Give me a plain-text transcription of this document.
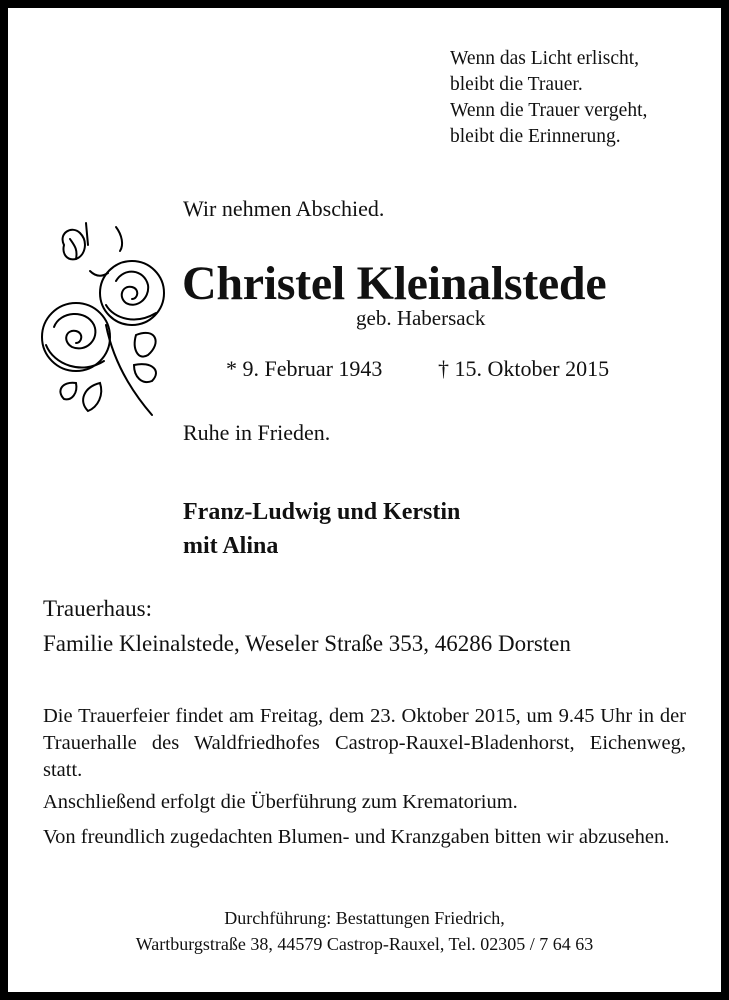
Wenn das Licht erlischt,
bleibt die Trauer.
Wenn die Trauer vergeht,
bleibt die Erinnerung.
Wir nehmen Abschied.
Christel Kleinalstede
geb. Habersack
* 9. Februar 1943	† 15. Oktober 2015
Ruhe in Frieden.
Franz-Ludwig und Kerstin
mit Alina
Trauerhaus:
Familie Kleinalstede, Weseler Straße 353, 46286 Dorsten
Die Trauerfeier findet am Freitag, dem 23. Oktober 2015, um 9.45 Uhr in der Trauerhalle des Waldfriedhofes Castrop-Rauxel-Bladenhorst, Eichenweg, statt.
Anschließend erfolgt die Überführung zum Krematorium.
Von freundlich zugedachten Blumen- und Kranzgaben bitten wir abzusehen.
Durchführung: Bestattungen Friedrich,
Wartburgstraße 38, 44579 Castrop-Rauxel, Tel. 02305 / 7 64 63
